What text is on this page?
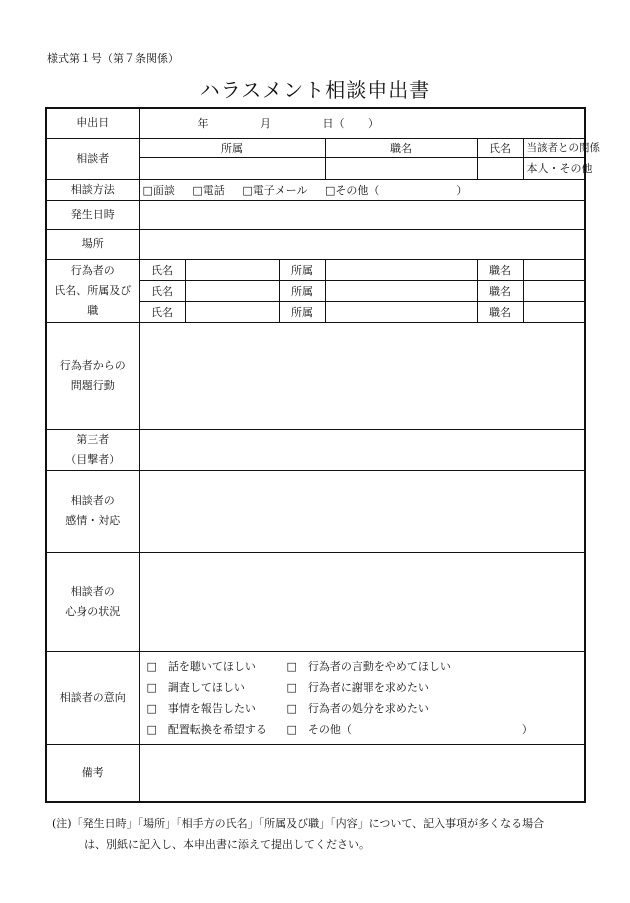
様式第１号（第７条関係）
ハラスメント相談申出書
申出日	年 月 日（ ）					
相談者	所属			職名	氏名	当該者との関係
						本人・その他
相談方法	□面談 □電話 □電子メール □その他（ ）					
発生日時						
場所						

行為者の
氏名、所属及び
職	氏名		所属		職名	
	氏名		所属		職名	
	氏名		所属		職名	

行為者からの
問題行動						

第三者
（目撃者）						

相談者の
感情・対応						

相談者の
心身の状況						

相談者の意向	□　話を聴いてほしい □　行為者の言動をやめてほしい
□　調査してほしい □　行為者に謝罪を求めたい
□　事情を報告したい □　行為者の処分を求めたい
□　配置転換を希望する □　その他（ ）					

備考						
(注)「発生日時」「場所」「相手方の氏名」「所属及び職」「内容」について、記入事項が多くなる場合
は、別紙に記入し、本申出書に添えて提出してください。
